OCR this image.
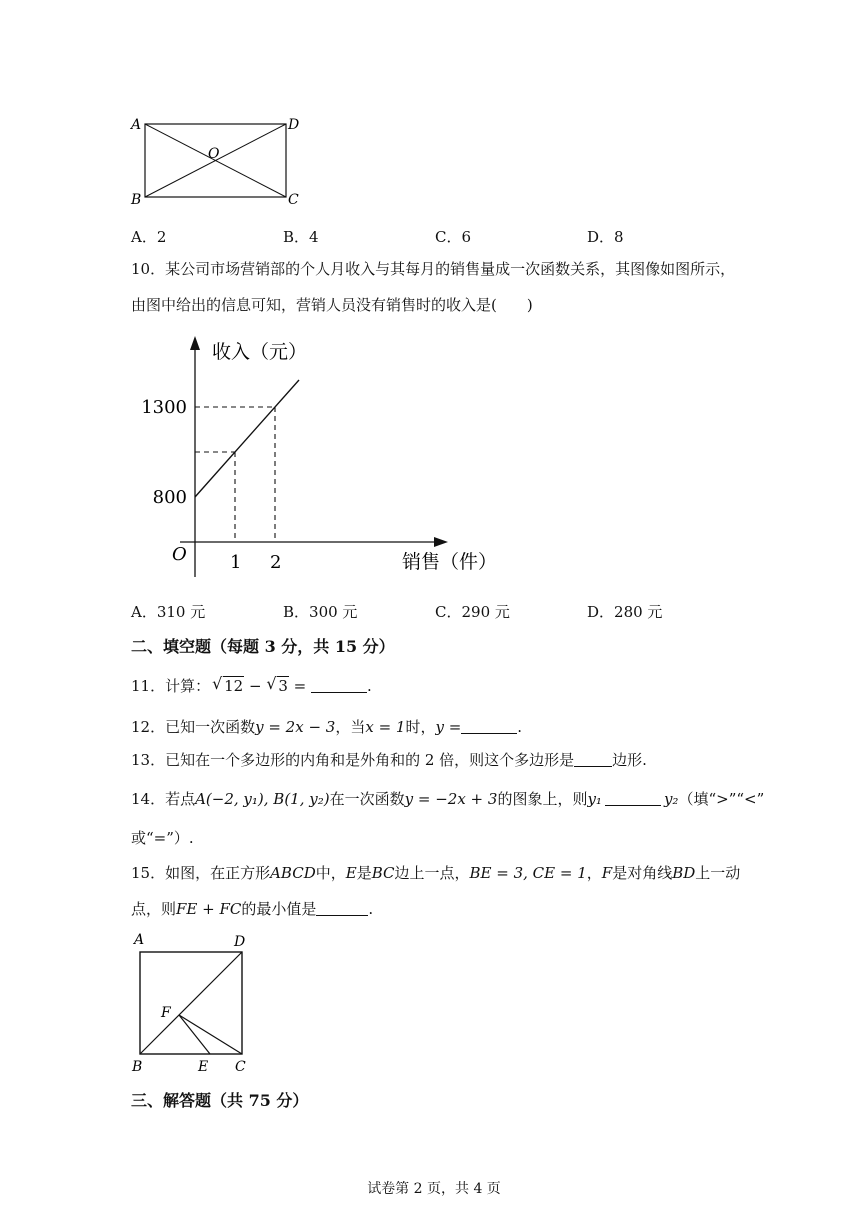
A	D
B	C
O
A．2	B．4	C．6	D．8
10．某公司市场营销部的个人月收入与其每月的销售量成一次函数关系，其图像如图所示，
由图中给出的信息可知，营销人员没有销售时的收入是(　　)
收入（元）
销售（件）
O 1 2
800
1300
A．310 元	B．300 元	C．290 元	D．280 元
二、填空题（每题 3 分，共 15 分）
11．计算： √ 12 − √ 3 =	.
12．已知一次函数y = 2x − 3，当x = 1时，y =	.
13．已知在一个多边形的内角和是外角和的 2 倍，则这个多边形是	边形.
14．若点A(−2, y₁), B(1, y₂)在一次函数y = −2x + 3的图象上，则y₁	y₂（填“>”“<”
或“=”）.
15．如图，在正方形ABCD中，E是BC边上一点，BE = 3, CE = 1，F是对角线BD上一动
点，则FE + FC的最小值是	.
A	D
B	E C
F
三、解答题（共 75 分）
试卷第 2 页，共 4 页
